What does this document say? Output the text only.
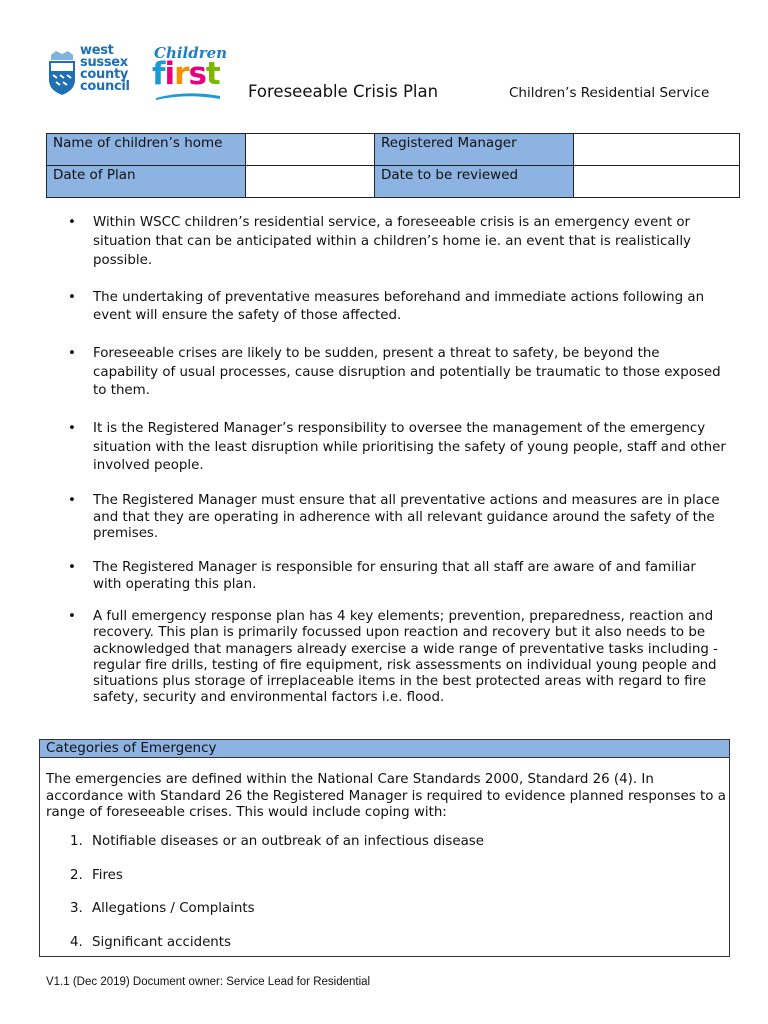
west
sussex
county
council
Children
first Foreseeable Crisis Plan	Children’s Residential Service
Name of children’s home		Registered Manager	
Date of Plan		Date to be reviewed	
• Within WSCC children’s residential service, a foreseeable crisis is an emergency event or situation that can be anticipated within a children’s home ie. an event that is realistically possible.
• The undertaking of preventative measures beforehand and immediate actions following an event will ensure the safety of those affected.
• Foreseeable crises are likely to be sudden, present a threat to safety, be beyond the capability of usual processes, cause disruption and potentially be traumatic to those exposed to them.
• It is the Registered Manager’s responsibility to oversee the management of the emergency situation with the least disruption while prioritising the safety of young people, staff and other involved people.
• The Registered Manager must ensure that all preventative actions and measures are in place and that they are operating in adherence with all relevant guidance around the safety of the premises.
• The Registered Manager is responsible for ensuring that all staff are aware of and familiar with operating this plan.
• A full emergency response plan has 4 key elements; prevention, preparedness, reaction and recovery. This plan is primarily focussed upon reaction and recovery but it also needs to be acknowledged that managers already exercise a wide range of preventative tasks including - regular fire drills, testing of fire equipment, risk assessments on individual young people and situations plus storage of irreplaceable items in the best protected areas with regard to fire safety, security and environmental factors i.e. flood.
Categories of Emergency
The emergencies are defined within the National Care Standards 2000, Standard 26 (4). In accordance with Standard 26 the Registered Manager is required to evidence planned responses to a range of foreseeable crises. This would include coping with:
1. Notifiable diseases or an outbreak of an infectious disease
2. Fires
3. Allegations / Complaints
4. Significant accidents
V1.1 (Dec 2019) Document owner: Service Lead for Residential
